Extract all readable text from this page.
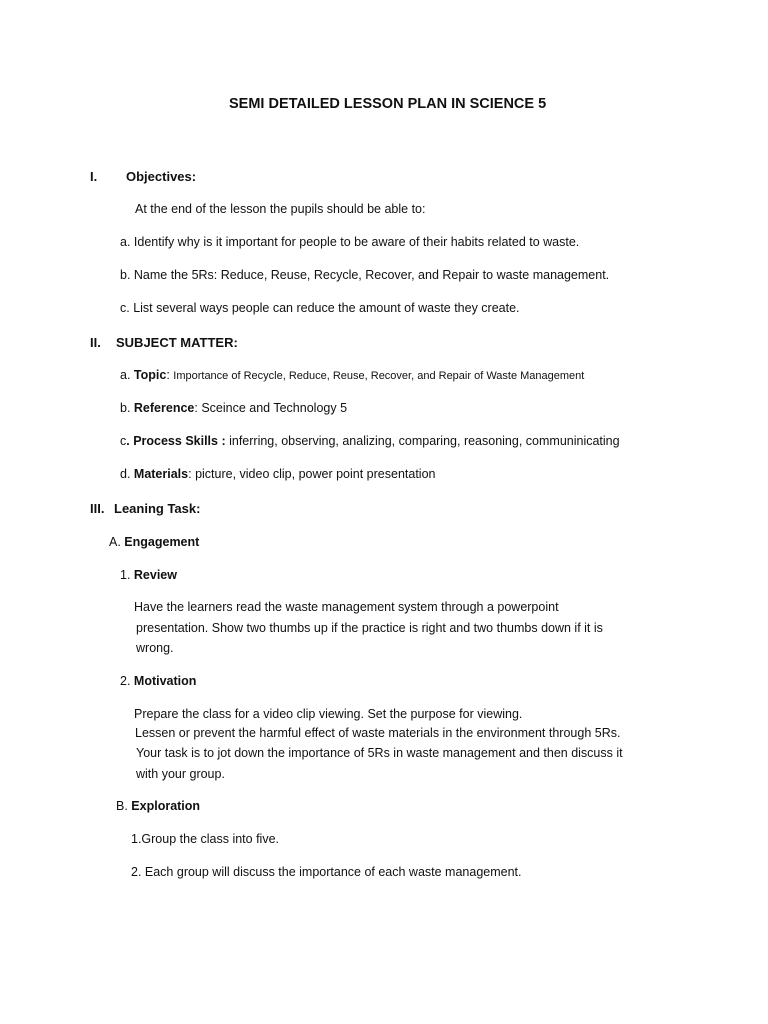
SEMI DETAILED LESSON PLAN IN SCIENCE 5
I. Objectives:
At the end of the lesson the pupils should be able to:
a. Identify why is it important for people to be aware of their habits related to waste.
b. Name the 5Rs: Reduce, Reuse, Recycle, Recover, and Repair to waste management.
c. List several ways people can reduce the amount of waste they create.
II. SUBJECT MATTER:
a. Topic: Importance of Recycle, Reduce, Reuse, Recover, and Repair of Waste Management
b. Reference: Sceince and Technology 5
c. Process Skills : inferring, observing, analizing, comparing, reasoning, communinicating
d. Materials: picture, video clip, power point presentation
III. Leaning Task:
A. Engagement
1. Review
Have the learners read the waste management system through a powerpoint
presentation. Show two thumbs up if the practice is right and two thumbs down if it is
wrong.
2. Motivation
Prepare the class for a video clip viewing. Set the purpose for viewing.
Lessen or prevent the harmful effect of waste materials in the environment through 5Rs.
Your task is to jot down the importance of 5Rs in waste management and then discuss it
with your group.
B. Exploration
1.Group the class into five.
2. Each group will discuss the importance of each waste management.
